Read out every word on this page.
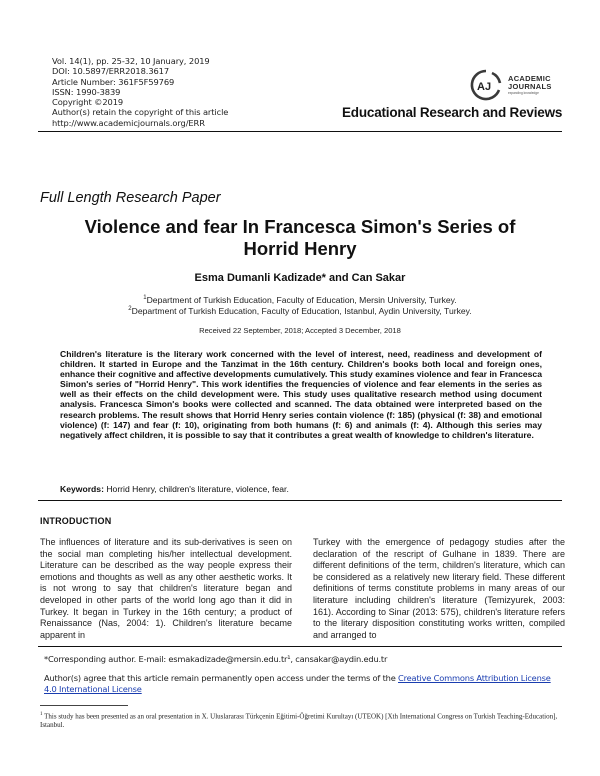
Vol. 14(1), pp. 25-32, 10 January, 2019
DOI: 10.5897/ERR2018.3617
Article Number: 361F5F59769
ISSN: 1990-3839
Copyright ©2019
Author(s) retain the copyright of this article
http://www.academicjournals.org/ERR
AJ
ACADEMIC
JOURNALS
expanding knowledge
Educational Research and Reviews
Full Length Research Paper
Violence and fear In Francesca Simon's Series of
Horrid Henry
Esma Dumanli Kadizade* and Can Sakar
$^1$Department of Turkish Education, Faculty of Education, Mersin University, Turkey.
$^2$Department of Turkish Education, Faculty of Education, Istanbul, Aydin University, Turkey.
Received 22 September, 2018; Accepted 3 December, 2018
Children's literature is the literary work concerned with the level of interest, need, readiness and development of children. It started in Europe and the Tanzimat in the 16th century. Children's books both local and foreign ones, enhance their cognitive and affective developments cumulatively. This study examines violence and fear in Francesca Simon's series of "Horrid Henry". This work identifies the frequencies of violence and fear elements in the series as well as their effects on the child development were. This study uses qualitative research method using document analysis. Francesca Simon's books were collected and scanned. The data obtained were interpreted based on the research problems. The result shows that Horrid Henry series contain violence (f: 185) (physical (f: 38) and emotional violence) (f: 147) and fear (f: 10), originating from both humans (f: 6) and animals (f: 4). Although this series may negatively affect children, it is possible to say that it contributes a great wealth of knowledge to children's literature.
Keywords: Horrid Henry, children's literature, violence, fear.
INTRODUCTION
The influences of literature and its sub-derivatives is seen on the social man completing his/her intellectual development. Literature can be described as the way people express their emotions and thoughts as well as any other aesthetic works. It is not wrong to say that children's literature began and developed in other parts of the world long ago than it did in Turkey. It began in Turkey in the 16th century; a product of Renaissance (Nas, 2004: 1). Children's literature became apparent in
Turkey with the emergence of pedagogy studies after the declaration of the rescript of Gulhane in 1839. There are different definitions of the term, children's literature, which can be considered as a relatively new literary field. These different definitions of terms constitute problems in many areas of our literature including children's literature (Temizyurek, 2003: 161). According to Sinar (2013: 575), children's literature refers to the literary disposition constituting works written, compiled and arranged to
*Corresponding author. E-mail: esmakadizade@mersin.edu.tr¹, cansakar@aydin.edu.tr
Author(s) agree that this article remain permanently open access under the terms of the Creative Commons Attribution License 4.0 International License
$^1$ This study has been presented as an oral presentation in X. Uluslararası Türkçenin Eğitimi-Öğretimi Kurultayı (UTEOK) [Xth International Congress on Turkish Teaching-Education], Istanbul.
